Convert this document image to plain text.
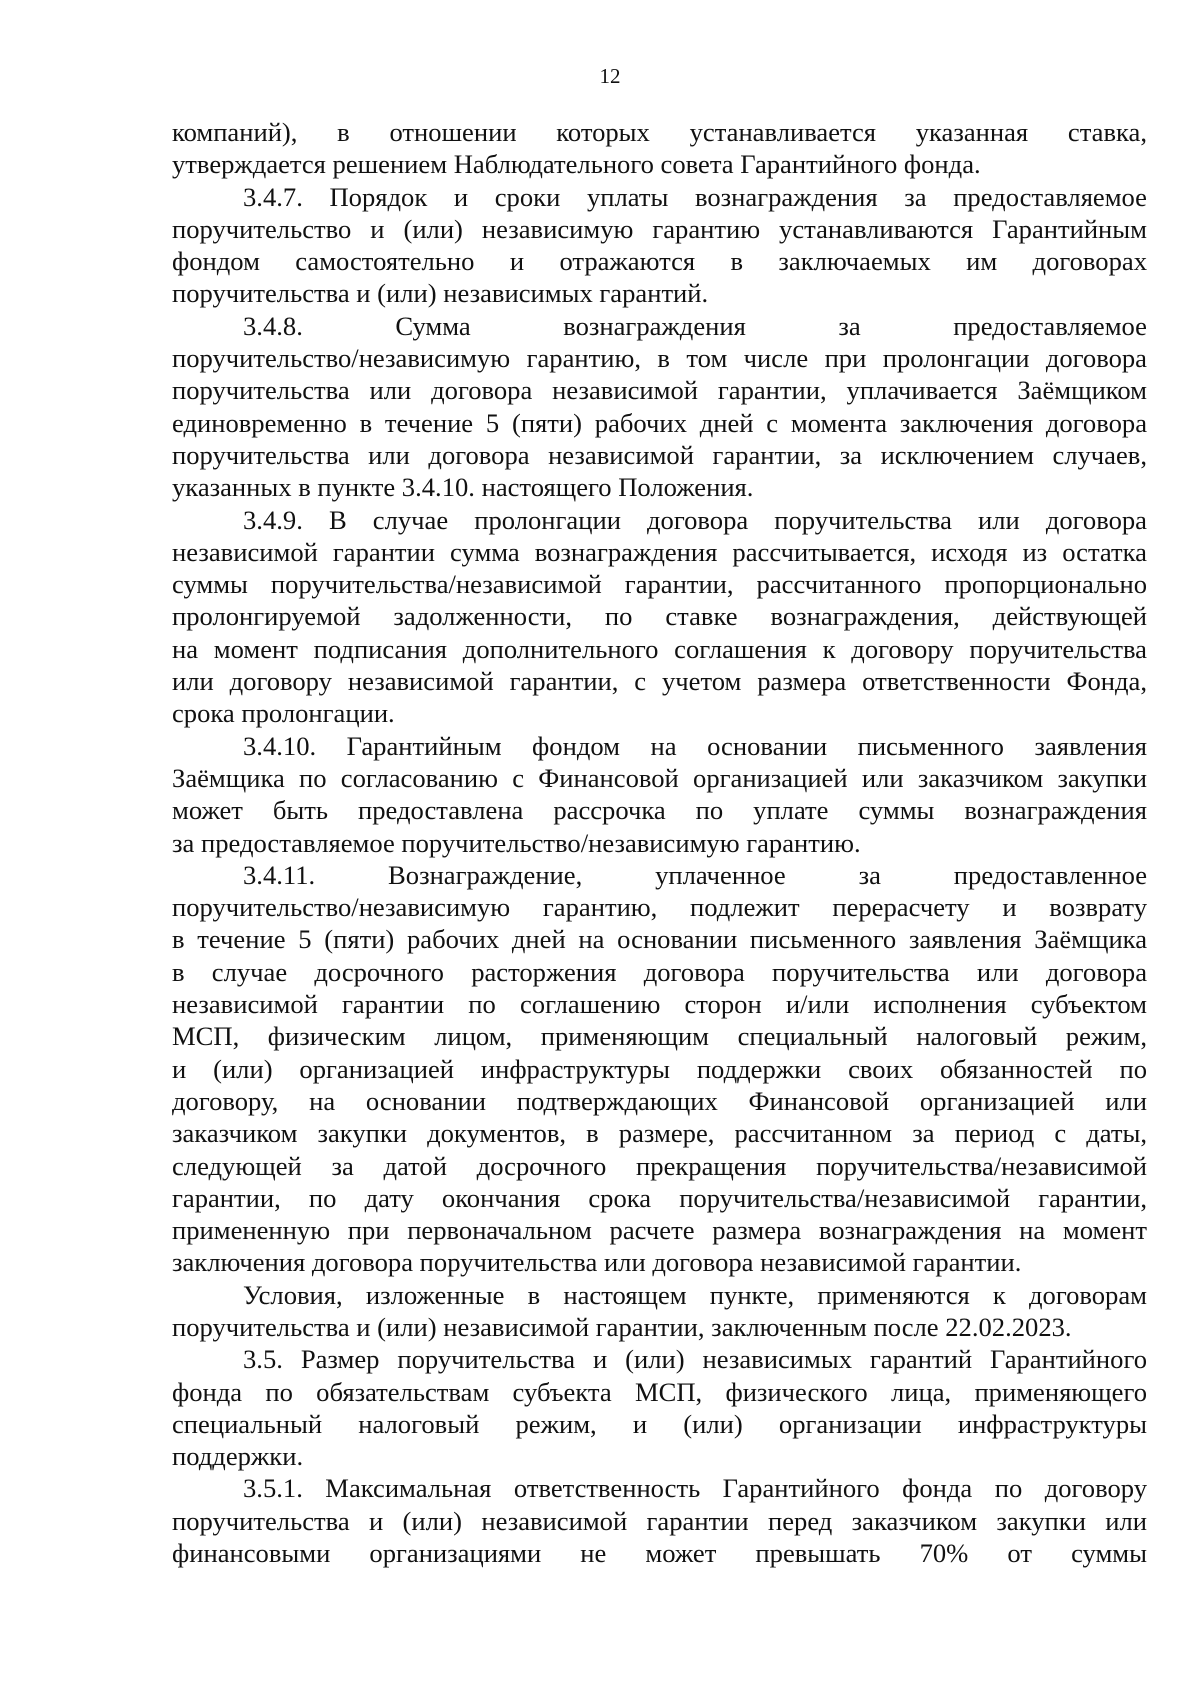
12

компаний), в отношении которых устанавливается указанная ставка,

утверждается решением Наблюдательного совета Гарантийного фонда.

3.4.7. Порядок и сроки уплаты вознаграждения за предоставляемое

поручительство и (или) независимую гарантию устанавливаются Гарантийным

фондом самостоятельно и отражаются в заключаемых им договорах

поручительства и (или) независимых гарантий.

3.4.8. Сумма вознаграждения за предоставляемое

поручительство/независимую гарантию, в том числе при пролонгации договора

поручительства или договора независимой гарантии, уплачивается Заёмщиком

единовременно в течение 5 (пяти) рабочих дней с момента заключения договора

поручительства или договора независимой гарантии, за исключением случаев,

указанных в пункте 3.4.10. настоящего Положения.

3.4.9. В случае пролонгации договора поручительства или договора

независимой гарантии сумма вознаграждения рассчитывается, исходя из остатка

суммы поручительства/независимой гарантии, рассчитанного пропорционально

пролонгируемой задолженности, по ставке вознаграждения, действующей

на момент подписания дополнительного соглашения к договору поручительства

или договору независимой гарантии, с учетом размера ответственности Фонда,

срока пролонгации.

3.4.10. Гарантийным фондом на основании письменного заявления

Заёмщика по согласованию с Финансовой организацией или заказчиком закупки

может быть предоставлена рассрочка по уплате суммы вознаграждения

за предоставляемое поручительство/независимую гарантию.

3.4.11. Вознаграждение, уплаченное за предоставленное

поручительство/независимую гарантию, подлежит перерасчету и возврату

в течение 5 (пяти) рабочих дней на основании письменного заявления Заёмщика

в случае досрочного расторжения договора поручительства или договора

независимой гарантии по соглашению сторон и/или исполнения субъектом

МСП, физическим лицом, применяющим специальный налоговый режим,

и (или) организацией инфраструктуры поддержки своих обязанностей по

договору, на основании подтверждающих Финансовой организацией или

заказчиком закупки документов, в размере, рассчитанном за период с даты,

следующей за датой досрочного прекращения поручительства/независимой

гарантии, по дату окончания срока поручительства/независимой гарантии,

примененную при первоначальном расчете размера вознаграждения на момент

заключения договора поручительства или договора независимой гарантии.

Условия, изложенные в настоящем пункте, применяются к договорам

поручительства и (или) независимой гарантии, заключенным после 22.02.2023.

3.5. Размер поручительства и (или) независимых гарантий Гарантийного

фонда по обязательствам субъекта МСП, физического лица, применяющего

специальный налоговый режим, и (или) организации инфраструктуры

поддержки.

3.5.1. Максимальная ответственность Гарантийного фонда по договору

поручительства и (или) независимой гарантии перед заказчиком закупки или

финансовыми организациями не может превышать 70% от суммы
